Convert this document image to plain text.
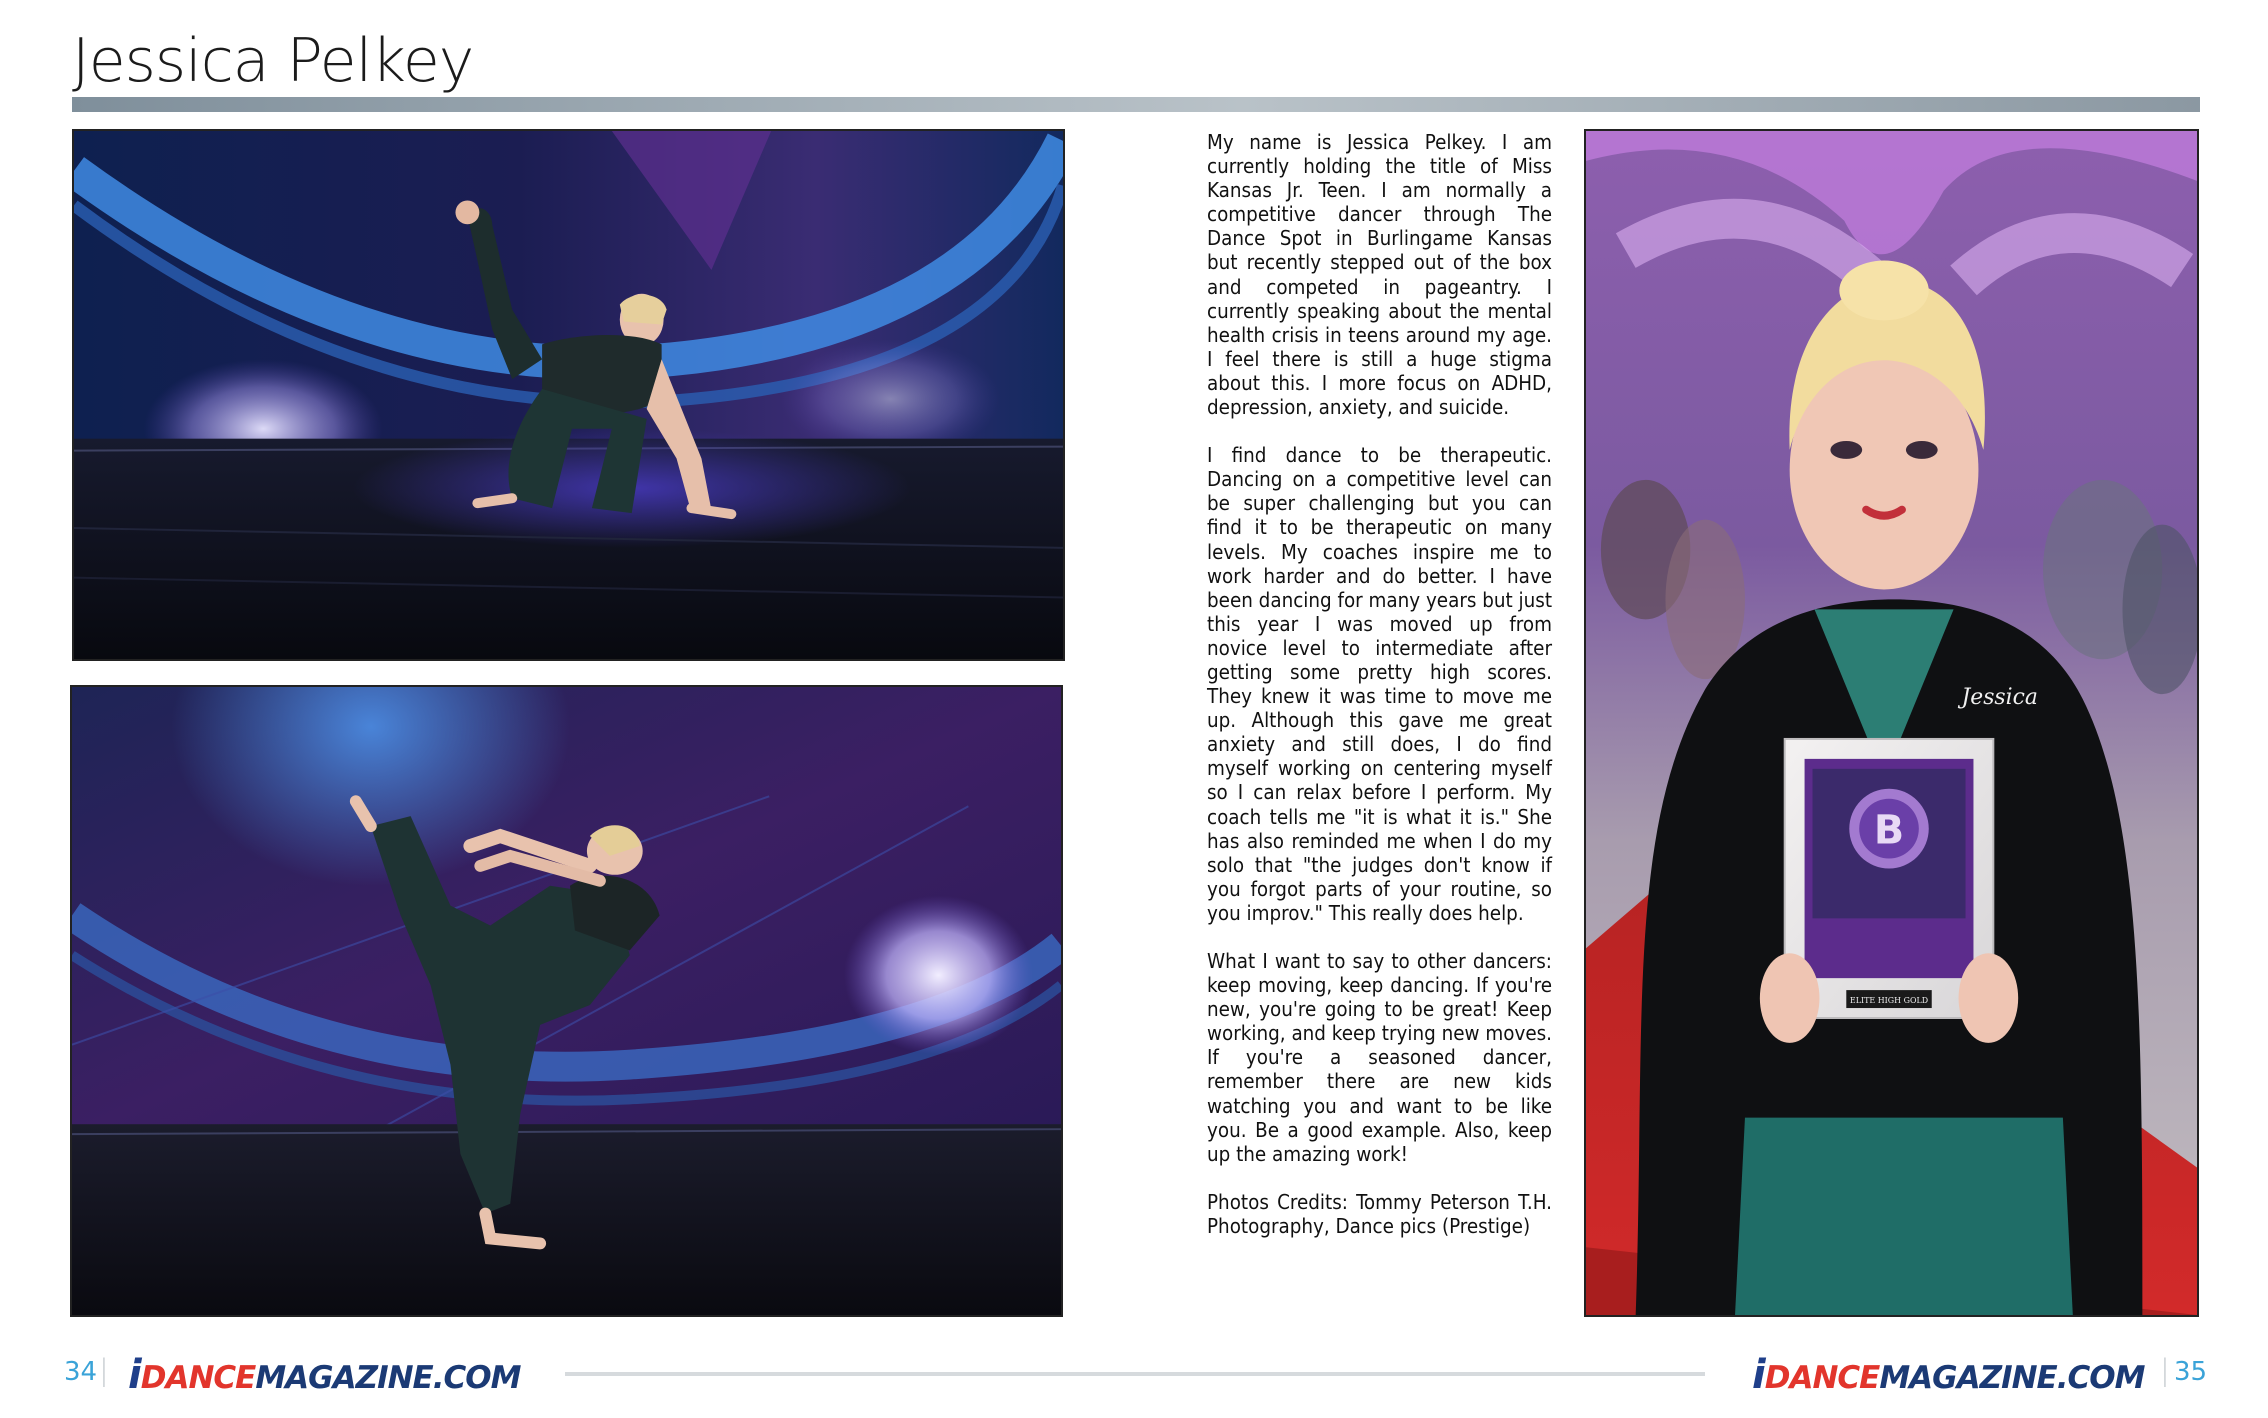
Jessica Pelkey

My name is Jessica Pelkey. I am currently holding the title of Miss Kansas Jr. Teen. I am normally a competitive dancer through The Dance Spot in Burlingame Kansas but recently stepped out of the box and competed in pageantry. I currently speaking about the mental health crisis in teens around my age. I feel there is still a huge stigma about this. I more focus on ADHD, depression, anxiety, and suicide.

I find dance to be therapeutic. Dancing on a competitive level can be super challenging but you can find it to be therapeutic on many levels. My coaches inspire me to work harder and do better. I have been dancing for many years but just this year I was moved up from novice level to intermediate after getting some pretty high scores. They knew it was time to move me up. Although this gave me great anxiety and still does, I do find myself working on centering myself so I can relax before I perform. My coach tells me "it is what it is." She has also reminded me when I do my solo that "the judges don't know if you forgot parts of your routine, so you improv." This really does help.

What I want to say to other dancers: keep moving, keep dancing. If you're new, you're going to be great! Keep working, and keep trying new moves. If you're a seasoned dancer, remember there are new kids watching you and want to be like you. Be a good example. Also, keep up the amazing work!

Photos Credits: Tommy Peterson T.H. Photography, Dance pics (Prestige)

Jessica
B
ELITE HIGH GOLD
34 | iDANCEMAGAZINE.COM	iDANCEMAGAZINE.COM | 35
